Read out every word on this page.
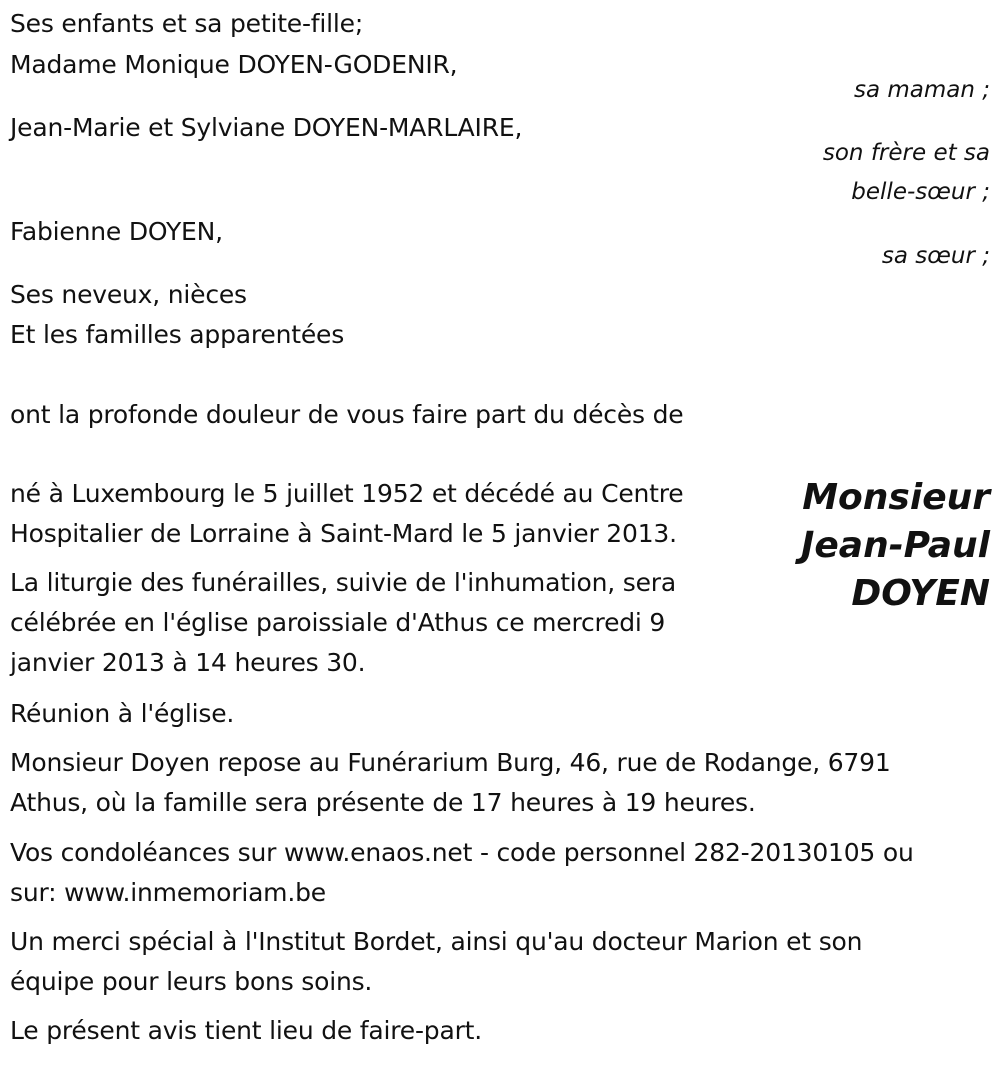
Ses enfants et sa petite-fille;
Madame Monique DOYEN-GODENIR,
sa maman ;
Jean-Marie et Sylviane DOYEN-MARLAIRE,
son frère et sa
belle-sœur ;
Fabienne DOYEN,
sa sœur ;
Ses neveux, nièces
Et les familles apparentées
ont la profonde douleur de vous faire part du décès de
né à Luxembourg le 5 juillet 1952 et décédé au Centre
Hospitalier de Lorraine à Saint-Mard le 5 janvier 2013.
Monsieur
Jean-Paul
DOYEN
La liturgie des funérailles, suivie de l'inhumation, sera
célébrée en l'église paroissiale d'Athus ce mercredi 9
janvier 2013 à 14 heures 30.
Réunion à l'église.
Monsieur Doyen repose au Funérarium Burg, 46, rue de Rodange, 6791
Athus, où la famille sera présente de 17 heures à 19 heures.
Vos condoléances sur www.enaos.net - code personnel 282-20130105 ou
sur: www.inmemoriam.be
Un merci spécial à l'Institut Bordet, ainsi qu'au docteur Marion et son
équipe pour leurs bons soins.
Le présent avis tient lieu de faire-part.
